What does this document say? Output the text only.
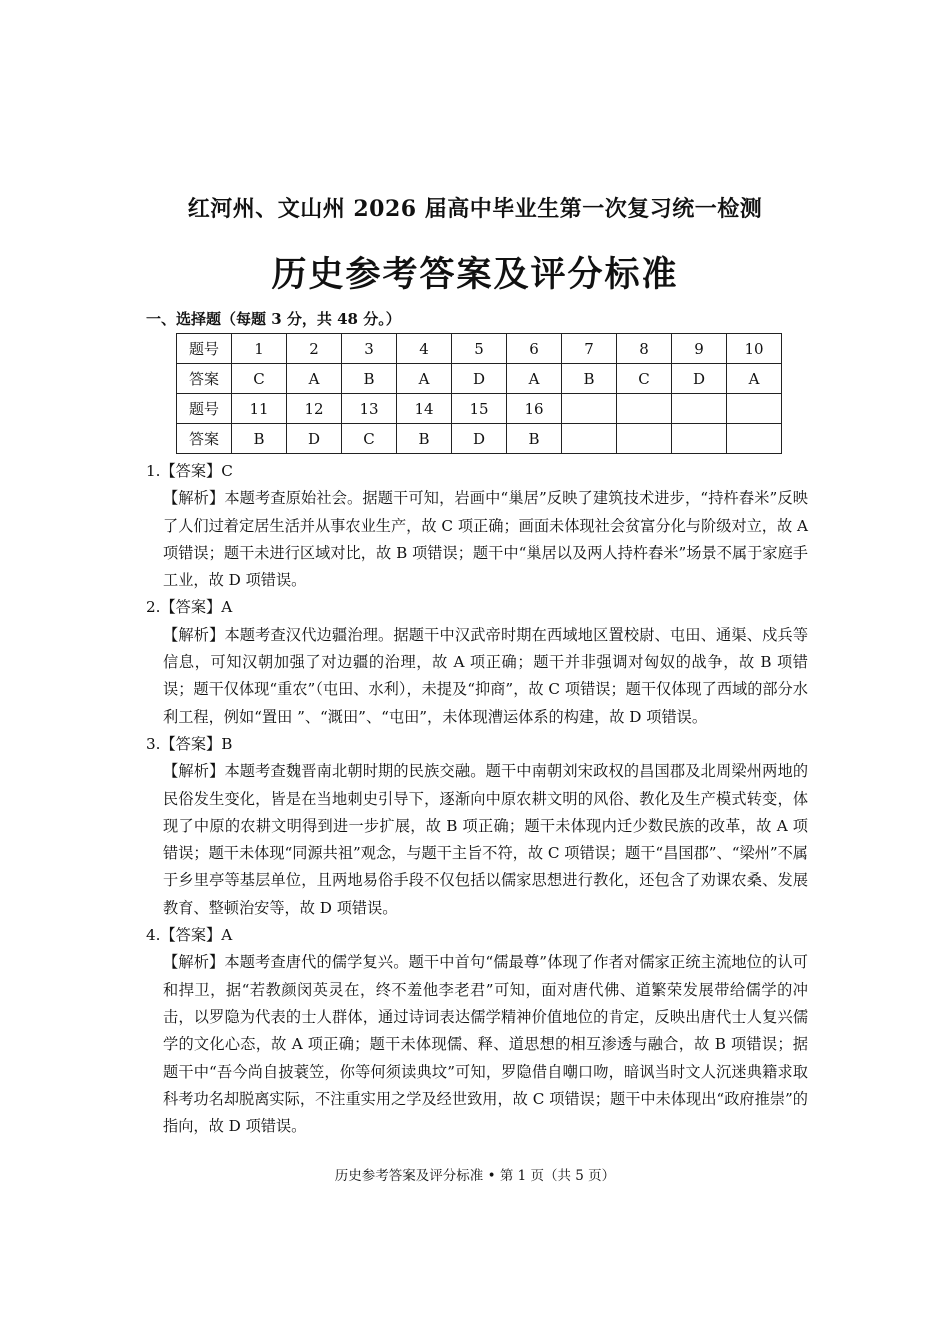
红河州、文山州 2026 届高中毕业生第一次复习统一检测
历史参考答案及评分标准
一、选择题（每题 3 分，共 48 分。）
题号	1	2	3	4	5	6	7	8	9	10
答案	C	A	B	A	D	A	B	C	D	A
题号	11	12	13	14	15	16				
答案	B	D	C	B	D	B				

1.【答案】C

【解析】本题考查原始社会。据题干可知，岩画中“巢居”反映了建筑技术进步，“持杵舂米”反映了人们过着定居生活并从事农业生产，故 C 项正确；画面未体现社会贫富分化与阶级对立，故 A 项错误；题干未进行区域对比，故 B 项错误；题干中“巢居以及两人持杵舂米”场景不属于家庭手工业，故 D 项错误。

2.【答案】A

【解析】本题考查汉代边疆治理。据题干中汉武帝时期在西域地区置校尉、屯田、通渠、戍兵等信息，可知汉朝加强了对边疆的治理，故 A 项正确；题干并非强调对匈奴的战争，故 B 项错误；题干仅体现“重农”（屯田、水利），未提及“抑商”，故 C 项错误；题干仅体现了西域的部分水利工程，例如“置田 ”、“溉田”、“屯田”，未体现漕运体系的构建，故 D 项错误。

3.【答案】B

【解析】本题考查魏晋南北朝时期的民族交融。题干中南朝刘宋政权的昌国郡及北周梁州两地的民俗发生变化，皆是在当地刺史引导下，逐渐向中原农耕文明的风俗、教化及生产模式转变，体现了中原的农耕文明得到进一步扩展，故 B 项正确；题干未体现内迁少数民族的改革，故 A 项错误；题干未体现“同源共祖”观念，与题干主旨不符，故 C 项错误；题干“昌国郡”、“梁州”不属于乡里亭等基层单位，且两地易俗手段不仅包括以儒家思想进行教化，还包含了劝课农桑、发展教育、整顿治安等，故 D 项错误。

4.【答案】A

【解析】本题考查唐代的儒学复兴。题干中首句“儒最尊”体现了作者对儒家正统主流地位的认可和捍卫，据“若教颜闵英灵在，终不羞他李老君”可知，面对唐代佛、道繁荣发展带给儒学的冲击，以罗隐为代表的士人群体，通过诗词表达儒学精神价值地位的肯定，反映出唐代士人复兴儒学的文化心态，故 A 项正确；题干未体现儒、释、道思想的相互渗透与融合，故 B 项错误；据题干中“吾今尚自披蓑笠，你等何须读典坟”可知，罗隐借自嘲口吻，暗讽当时文人沉迷典籍求取科考功名却脱离实际，不注重实用之学及经世致用，故 C 项错误；题干中未体现出“政府推崇”的指向，故 D 项错误。

历史参考答案及评分标准 • 第 1 页（共 5 页）
